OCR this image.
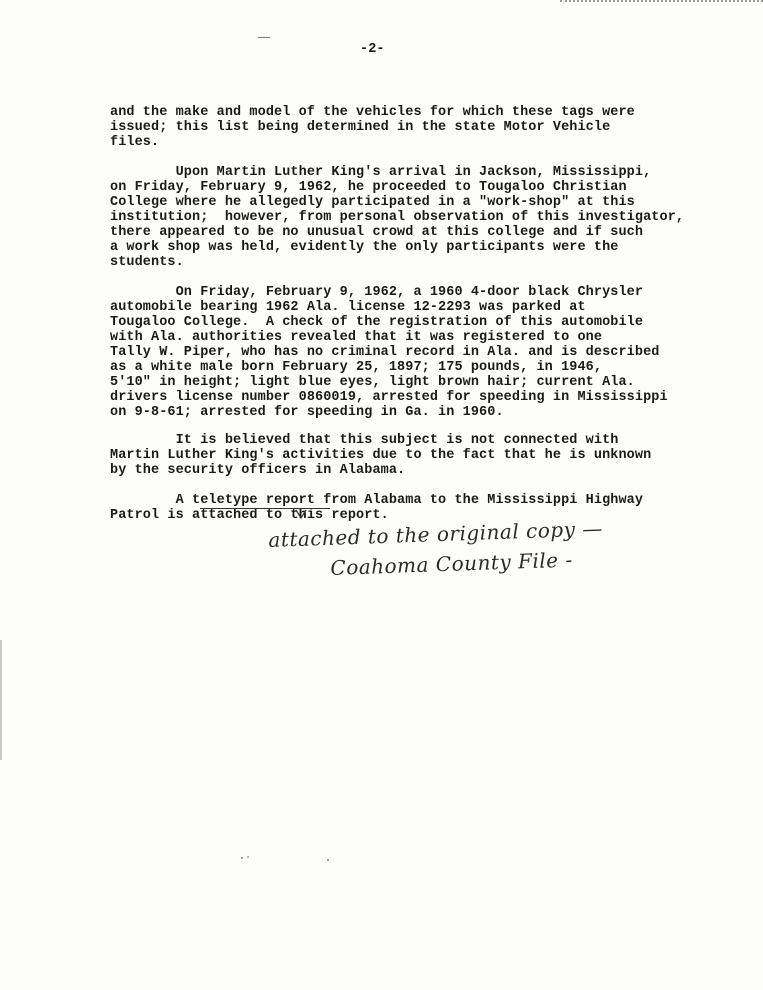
-2-

and the make and model of the vehicles for which these tags were
issued; this list being determined in the state Motor Vehicle
files.

Upon Martin Luther King's arrival in Jackson, Mississippi,
on Friday, February 9, 1962, he proceeded to Tougaloo Christian
College where he allegedly participated in a "work-shop" at this
institution;  however, from personal observation of this investigator,
there appeared to be no unusual crowd at this college and if such
a work shop was held, evidently the only participants were the
students.

On Friday, February 9, 1962, a 1960 4-door black Chrysler
automobile bearing 1962 Ala. license 12-2293 was parked at
Tougaloo College.  A check of the registration of this automobile
with Ala. authorities revealed that it was registered to one
Tally W. Piper, who has no criminal record in Ala. and is described
as a white male born February 25, 1897; 175 pounds, in 1946,
5'10" in height; light blue eyes, light brown hair; current Ala.
drivers license number 0860019, arrested for speeding in Mississippi
on 9-8-61; arrested for speeding in Ga. in 1960.

It is believed that this subject is not connected with
Martin Luther King's activities due to the fact that he is unknown
by the security officers in Alabama.

A teletype report from Alabama to the Mississippi Highway
Patrol is attached to this report.

attached to the original copy —
Coahoma County File -
